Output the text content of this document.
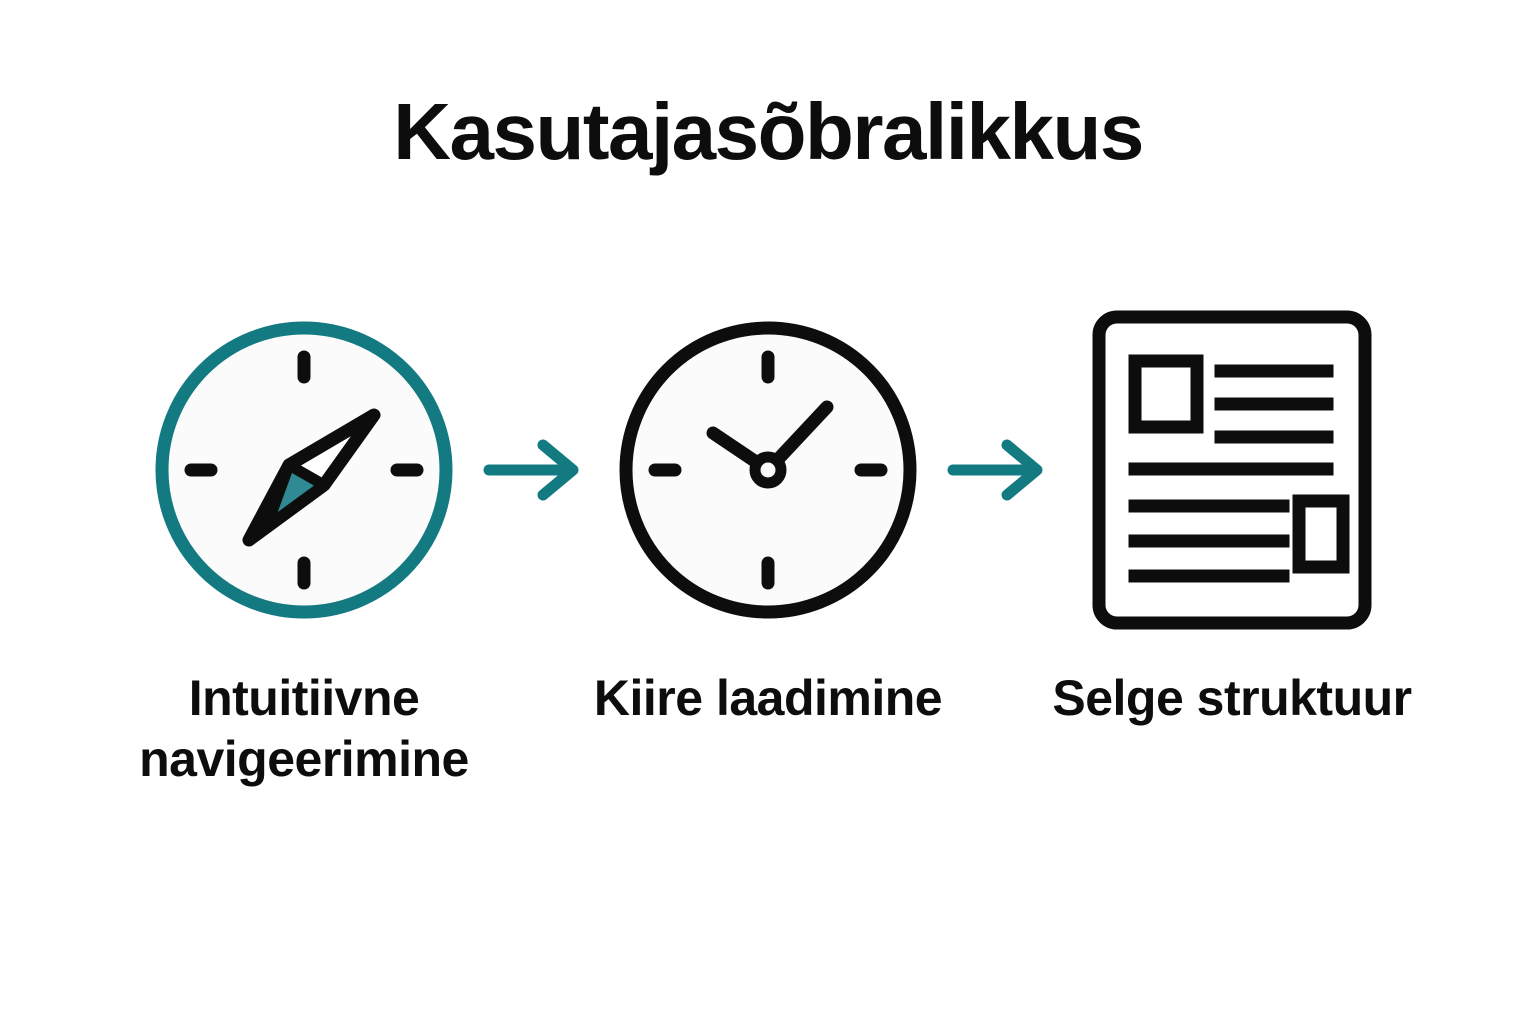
Kasutajasõbralikkus
Intuitiivne navigeerimine
Kiire laadimine Selge struktuur
